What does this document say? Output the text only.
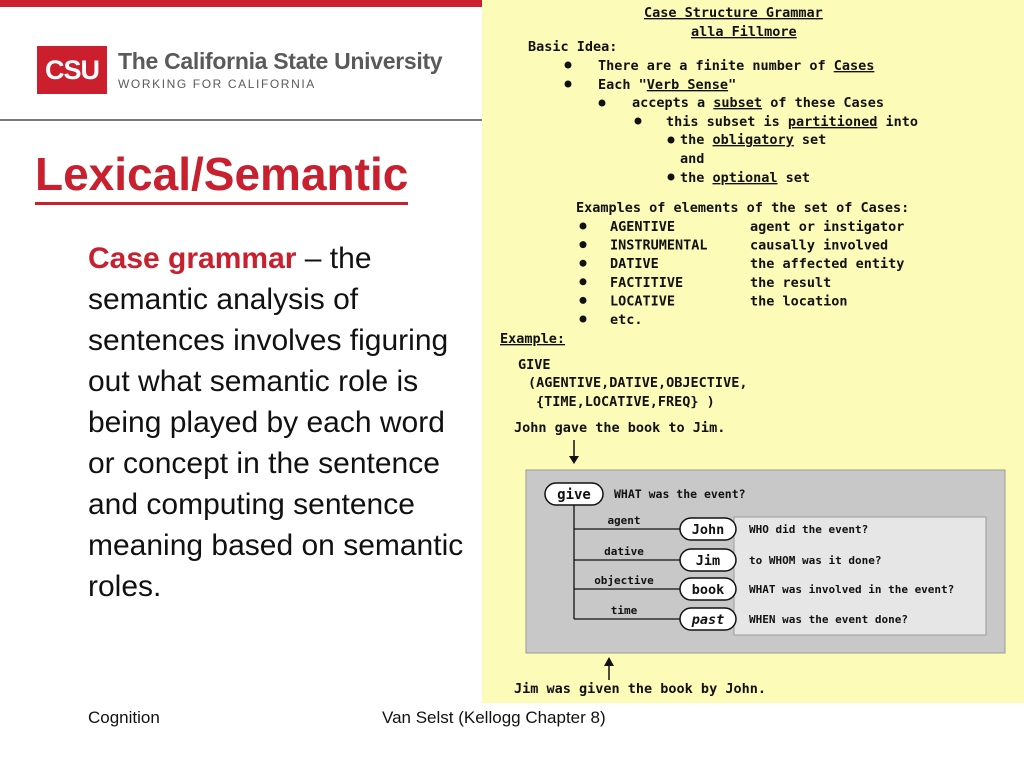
CSU The California State University
WORKING FOR CALIFORNIA
Lexical/Semantic
Case grammar – the semantic analysis of sentences involves figuring out what semantic role is being played by each word or concept in the sentence and computing sentence meaning based on semantic roles.
Cognition	Van Selst (Kellogg Chapter 8)
Case Structure Grammar
alla Fillmore
Basic Idea:
There are a finite number of Cases
Each "Verb Sense"
accepts a subset of these Cases
this subset is partitioned into
the obligatory set
and
the optional set
Examples of elements of the set of Cases:
AGENTIVE	agent or instigator
INSTRUMENTAL	causally involved
DATIVE	the affected entity
FACTITIVE	the result
LOCATIVE	the location
etc.
Example:
GIVE
(AGENTIVE,DATIVE,OBJECTIVE,
{TIME,LOCATIVE,FREQ} )
John gave the book to Jim.
give WHAT was the event?
agent
John WHO did the event?
dative
Jim	to WHOM was it done?
objective
book WHAT was involved in the event?
time
past WHEN was the event done?
Jim was given the book by John.
